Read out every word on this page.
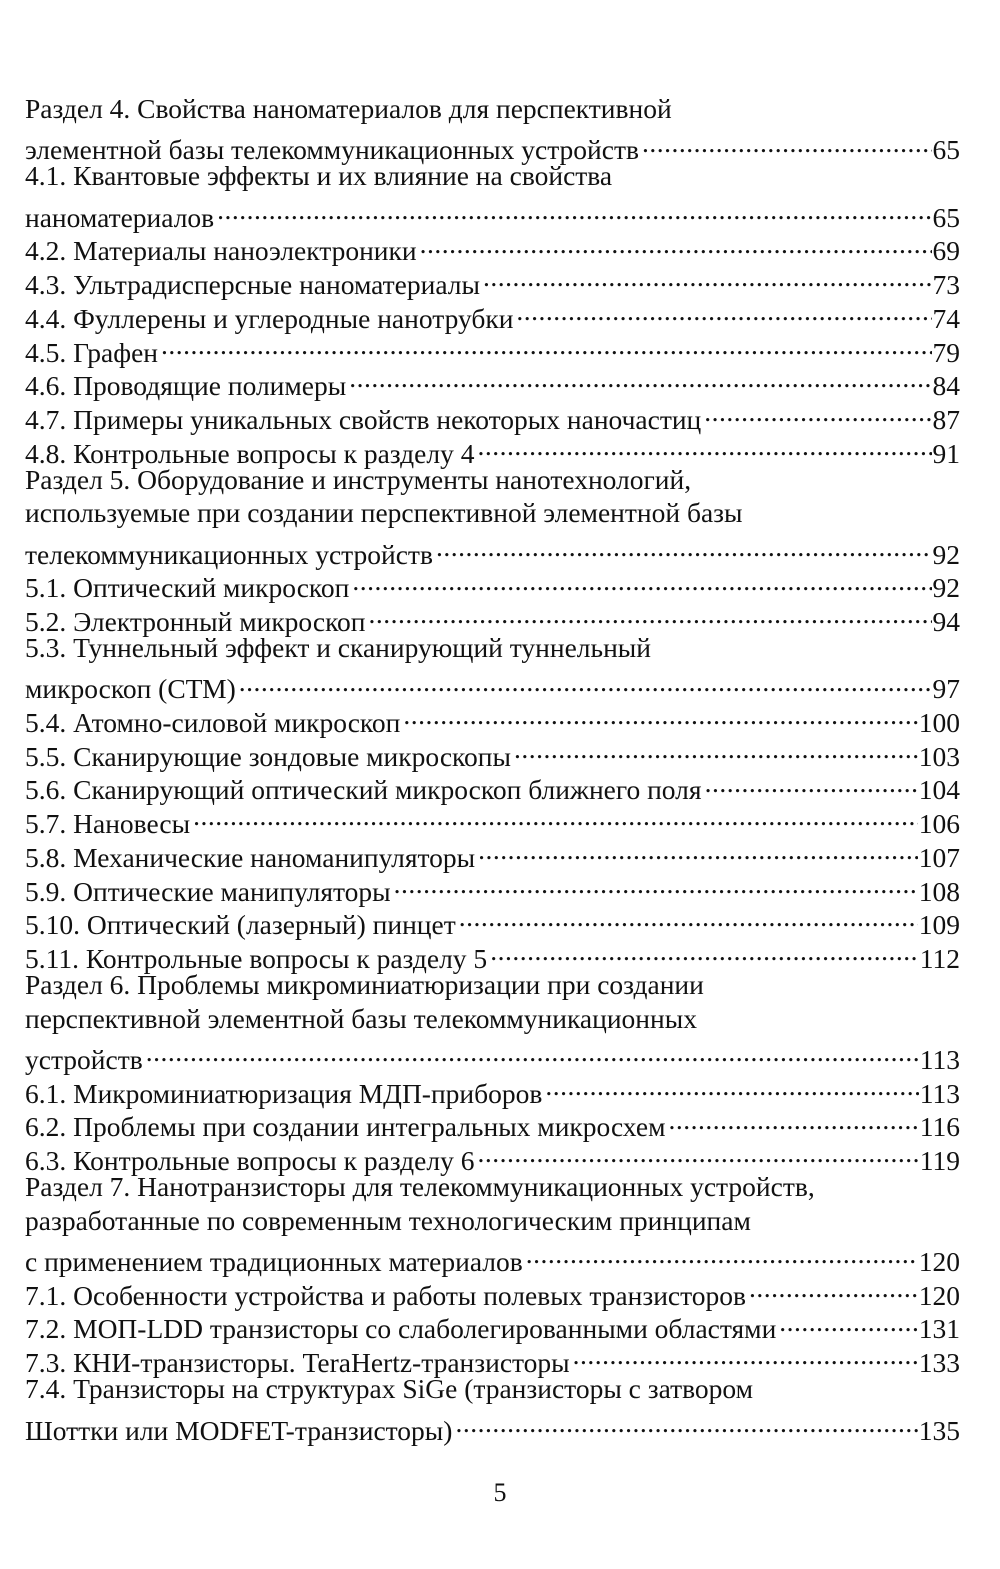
Раздел 4. Свойства наноматериалов для перспективной
элементной базы телекоммуникационных устройств .....	65
4.1. Квантовые эффекты и их влияние на свойства
наноматериалов .....	65
4.2. Материалы наноэлектроники .....	69
4.3. Ультрадисперсные наноматериалы .....	73
4.4. Фуллерены и углеродные нанотрубки .....	74
4.5. Графен .....	79
4.6. Проводящие полимеры .....	84
4.7. Примеры уникальных свойств некоторых наночастиц .....	87
4.8. Контрольные вопросы к разделу 4 .....	91
Раздел 5. Оборудование и инструменты нанотехнологий,
используемые при создании перспективной элементной базы
телекоммуникационных устройств .....	92
5.1. Оптический микроскоп .....	92
5.2. Электронный микроскоп .....	94
5.3. Туннельный эффект и сканирующий туннельный
микроскоп (СТМ) .....	97
5.4. Атомно-силовой микроскоп .....	100
5.5. Сканирующие зондовые микроскопы .....	103
5.6. Сканирующий оптический микроскоп ближнего поля .....	104
5.7. Нановесы .....	106
5.8. Механические наноманипуляторы .....	107
5.9. Оптические манипуляторы .....	108
5.10. Оптический (лазерный) пинцет .....	109
5.11. Контрольные вопросы к разделу 5 .....	112
Раздел 6. Проблемы микроминиатюризации при создании
перспективной элементной базы телекоммуникационных
устройств .....	113
6.1. Микроминиатюризация МДП-приборов .....	113
6.2. Проблемы при создании интегральных микросхем .....	116
6.3. Контрольные вопросы к разделу 6 .....	119
Раздел 7. Нанотранзисторы для телекоммуникационных устройств,
разработанные по современным технологическим принципам
с применением традиционных материалов .....	120
7.1. Особенности устройства и работы полевых транзисторов .....	120
7.2. МОП-LDD транзисторы со слаболегированными областями .....	131
7.3. КНИ-транзисторы. TeraHertz-транзисторы .....	133
7.4. Транзисторы на структурах SiGe (транзисторы с затвором
Шоттки или MODFET-транзисторы) .....	135
5
